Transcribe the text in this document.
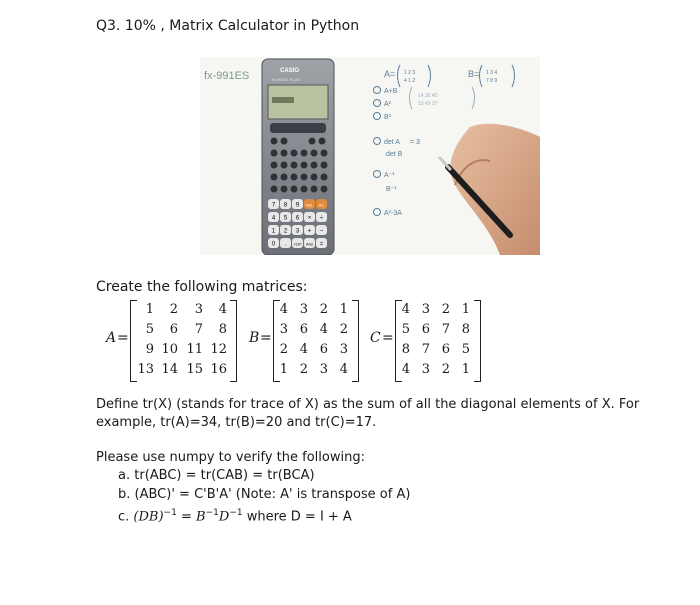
Q3. 10% , Matrix Calculator in Python
fx-991ES	CASIO
fx-991ES PLUS
7 8 9 DEL AC
4 5 6 × ÷
1 2 3 + −
0 . ×10ˣ Ans =
A= 1 2 3
4 1 2
B= 1 3 4
7 8 9
14 36 42
13 43 37
A+B
A²
B³
det A = 3
det B
A⁻¹
B⁻¹
A³-3A
Create the following matrices:
A =
1	2	3	4
5	6	7	8
9 10 11 12
13 14 15 16
B =
4 3 2 1
3 6 4 2
2 4 6 3
1 2 3 4
C =
4 3 2 1
5 6 7 8
8 7 6 5
4 3 2 1
Define tr(X) (stands for trace of X) as the sum of all the diagonal elements of X. For
example, tr(A)=34, tr(B)=20 and tr(C)=17.
Please use numpy to verify the following:
a. tr(ABC) = tr(CAB) = tr(BCA)
b. (ABC)' = C'B'A' (Note: A' is transpose of A)
c. $(DB)^{-1} = B^{-1}D^{-1}$ where D = I + A
